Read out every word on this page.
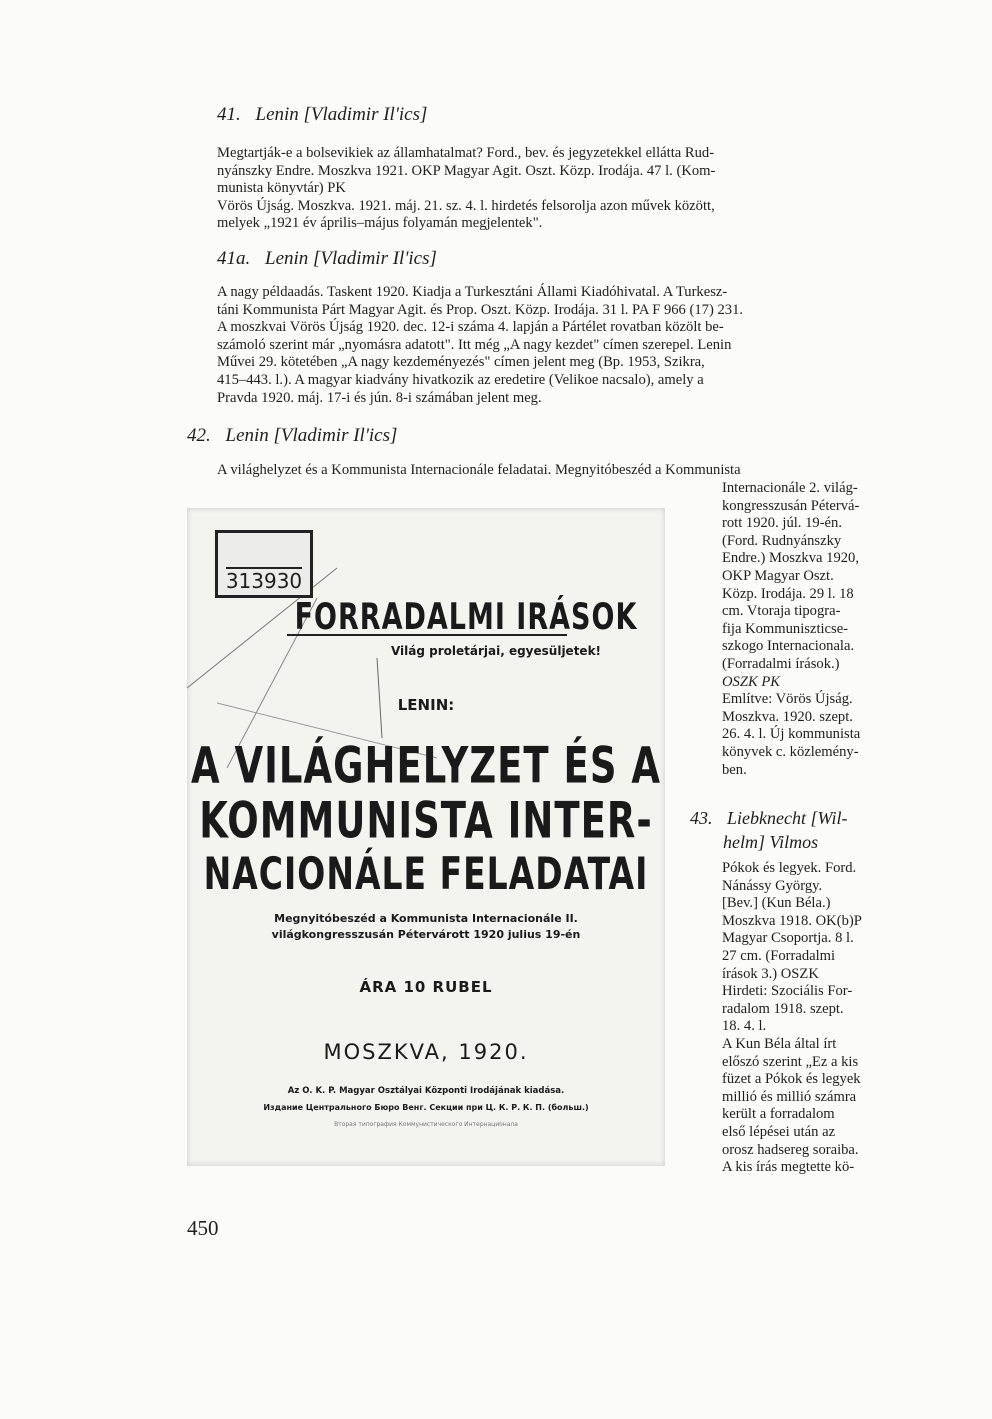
41. Lenin [Vladimir Il'ics]
Megtartják-e a bolsevikiek az államhatalmat? Ford., bev. és jegyzetekkel ellátta Rud-
nyánszky Endre. Moszkva 1921. OKP Magyar Agit. Oszt. Közp. Irodája. 47 l. (Kom-
munista könyvtár) PK
Vörös Újság. Moszkva. 1921. máj. 21. sz. 4. l. hirdetés felsorolja azon művek között,
melyek „1921 év április–május folyamán megjelentek".
41a. Lenin [Vladimir Il'ics]
A nagy példaadás. Taskent 1920. Kiadja a Turkesztáni Állami Kiadóhivatal. A Turkesz-
táni Kommunista Párt Magyar Agit. és Prop. Oszt. Közp. Irodája. 31 l. PA F 966 (17) 231.
A moszkvai Vörös Újság 1920. dec. 12-i száma 4. lapján a Pártélet rovatban közölt be-
számoló szerint már „nyomásra adatott". Itt még „A nagy kezdet" címen szerepel. Lenin
Művei 29. kötetében „A nagy kezdeményezés" címen jelent meg (Bp. 1953, Szikra,
415–443. l.). A magyar kiadvány hivatkozik az eredetire (Velikoe nacsalo), amely a
Pravda 1920. máj. 17-i és jún. 8-i számában jelent meg.
42. Lenin [Vladimir Il'ics]
A világhelyzet és a Kommunista Internacionále feladatai. Megnyitóbeszéd a Kommunista
Internacionále 2. világ-
kongresszusán Pétervá-
rott 1920. júl. 19-én.
(Ford. Rudnyánszky
Endre.) Moszkva 1920,
OKP Magyar Oszt.
Közp. Irodája. 29 l. 18
cm. Vtoraja tipogra-
fija Kommuniszticse-
szkogo Internacionala.
(Forradalmi írások.)
OSZK PK
Említve: Vörös Újság.
Moszkva. 1920. szept.
26. 4. l. Új kommunista
könyvek c. közlemény-
ben.
43. Liebknecht [Wil-
helm] Vilmos
Pókok és legyek. Ford.
Nánássy György.
[Bev.] (Kun Béla.)
Moszkva 1918. OK(b)P
Magyar Csoportja. 8 l.
27 cm. (Forradalmi
írások 3.) OSZK
Hirdeti: Szociális For-
radalom 1918. szept.
18. 4. l.
A Kun Béla által írt
előszó szerint „Ez a kis
füzet a Pókok és legyek
millió és millió számra
került a forradalom
első lépései után az
orosz hadsereg soraiba.
A kis írás megtette kö-
313930
FORRADALMI IRÁSOK
Világ proletárjai, egyesüljetek!
LENIN:
A VILÁGHELYZET ÉS A
KOMMUNISTA INTER-
NACIONÁLE FELADATAI
Megnyitóbeszéd a Kommunista Internacionále II.
világkongresszusán Pétervárott 1920 julius 19-én
ÁRA 10 RUBEL
MOSZKVA, 1920.
Az O. K. P. Magyar Osztályai Központi Irodájának kiadása.
Издание Центрального Бюро Венг. Секции при Ц. К. Р. К. П. (больш.)
Вторая типография Коммунистического Интернационала
450
